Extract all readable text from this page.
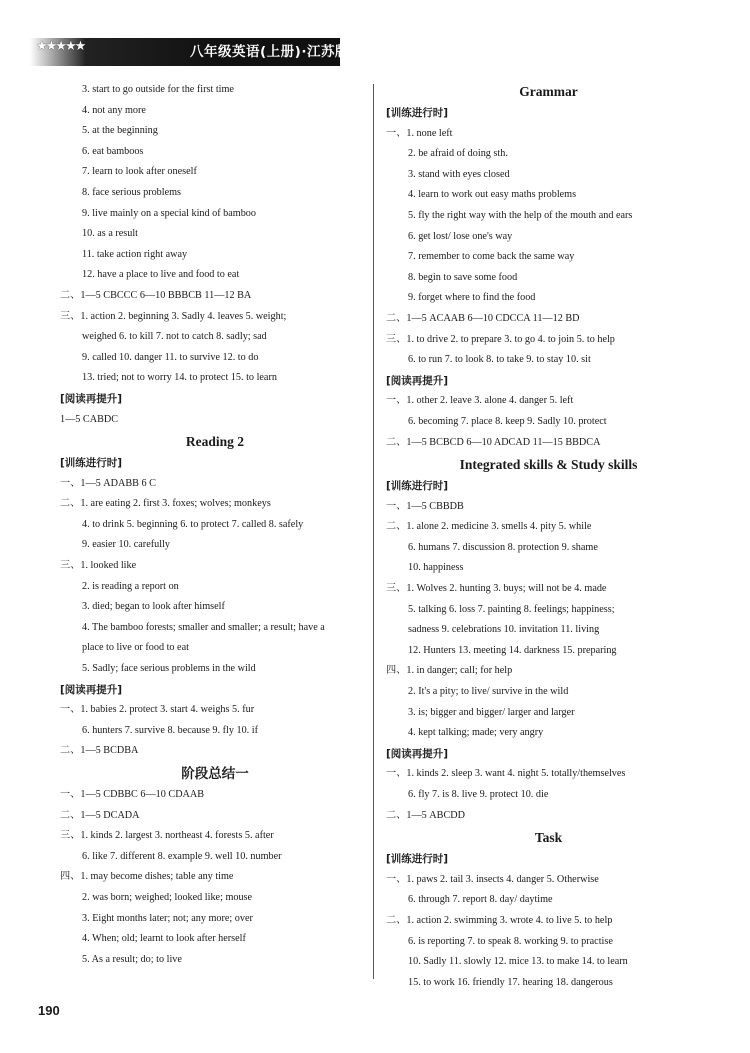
★★★★★	八年级英语(上册)·江苏版
3. start to go outside for the first time
4. not any more
5. at the beginning
6. eat bamboos
7. learn to look after oneself
8. face serious problems
9. live mainly on a special kind of bamboo
10. as a result
11. take action right away
12. have a place to live and food to eat
二、1—5 CBCCC 6—10 BBBCB 11—12 BA
三、1. action 2. beginning 3. Sadly 4. leaves 5. weight;
weighed 6. to kill 7. not to catch 8. sadly; sad
9. called 10. danger 11. to survive 12. to do
13. tried; not to worry 14. to protect 15. to learn
[阅读再提升]
1—5 CABDC
Reading 2
[训练进行时]
一、1—5 ADABB 6 C
二、1. are eating 2. first 3. foxes; wolves; monkeys
4. to drink 5. beginning 6. to protect 7. called 8. safely
9. easier 10. carefully
三、1. looked like
2. is reading a report on
3. died; began to look after himself
4. The bamboo forests; smaller and smaller; a result; have a
place to live or food to eat
5. Sadly; face serious problems in the wild
[阅读再提升]
一、1. babies 2. protect 3. start 4. weighs 5. fur
6. hunters 7. survive 8. because 9. fly 10. if
二、1—5 BCDBA
阶段总结一
一、1—5 CDBBC 6—10 CDAAB
二、1—5 DCADA
三、1. kinds 2. largest 3. northeast 4. forests 5. after
6. like 7. different 8. example 9. well 10. number
四、1. may become dishes; table any time
2. was born; weighed; looked like; mouse
3. Eight months later; not; any more; over
4. When; old; learnt to look after herself
5. As a result; do; to live
Grammar
[训练进行时]
一、1. none left
2. be afraid of doing sth.
3. stand with eyes closed
4. learn to work out easy maths problems
5. fly the right way with the help of the mouth and ears
6. get lost/ lose one's way
7. remember to come back the same way
8. begin to save some food
9. forget where to find the food
二、1—5 ACAAB 6—10 CDCCA 11—12 BD
三、1. to drive 2. to prepare 3. to go 4. to join 5. to help
6. to run 7. to look 8. to take 9. to stay 10. sit
[阅读再提升]
一、1. other 2. leave 3. alone 4. danger 5. left
6. becoming 7. place 8. keep 9. Sadly 10. protect
二、1—5 BCBCD 6—10 ADCAD 11—15 BBDCA
Integrated skills & Study skills
[训练进行时]
一、1—5 CBBDB
二、1. alone 2. medicine 3. smells 4. pity 5. while
6. humans 7. discussion 8. protection 9. shame
10. happiness
三、1. Wolves 2. hunting 3. buys; will not be 4. made
5. talking 6. loss 7. painting 8. feelings; happiness;
sadness 9. celebrations 10. invitation 11. living
12. Hunters 13. meeting 14. darkness 15. preparing
四、1. in danger; call; for help
2. It's a pity; to live/ survive in the wild
3. is; bigger and bigger/ larger and larger
4. kept talking; made; very angry
[阅读再提升]
一、1. kinds 2. sleep 3. want 4. night 5. totally/themselves
6. fly 7. is 8. live 9. protect 10. die
二、1—5 ABCDD
Task
[训练进行时]
一、1. paws 2. tail 3. insects 4. danger 5. Otherwise
6. through 7. report 8. day/ daytime
二、1. action 2. swimming 3. wrote 4. to live 5. to help
6. is reporting 7. to speak 8. working 9. to practise
10. Sadly 11. slowly 12. mice 13. to make 14. to learn
15. to work 16. friendly 17. hearing 18. dangerous
190
